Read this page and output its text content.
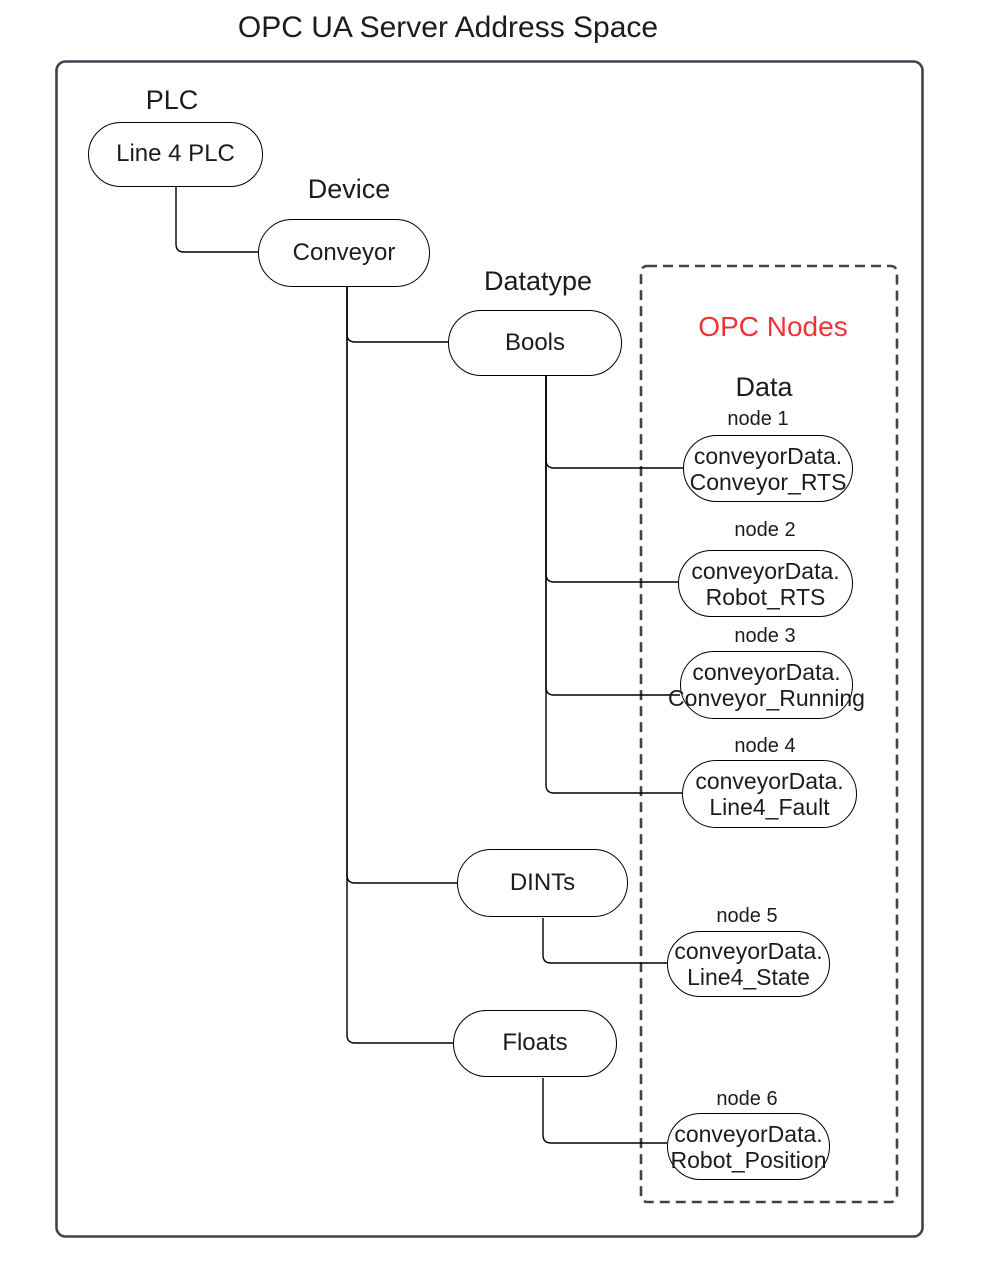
OPC UA Server Address Space
PLC
Device
Datatype
Line 4 PLC
Conveyor
Bools
DINTs
Floats
OPC Nodes
Data
node 1
conveyorData.
Conveyor_RTS
node 2
conveyorData.
Robot_RTS
node 3
conveyorData.
Conveyor_Running
node 4
conveyorData.
Line4_Fault
node 5
conveyorData.
Line4_State
node 6
conveyorData.
Robot_Position
